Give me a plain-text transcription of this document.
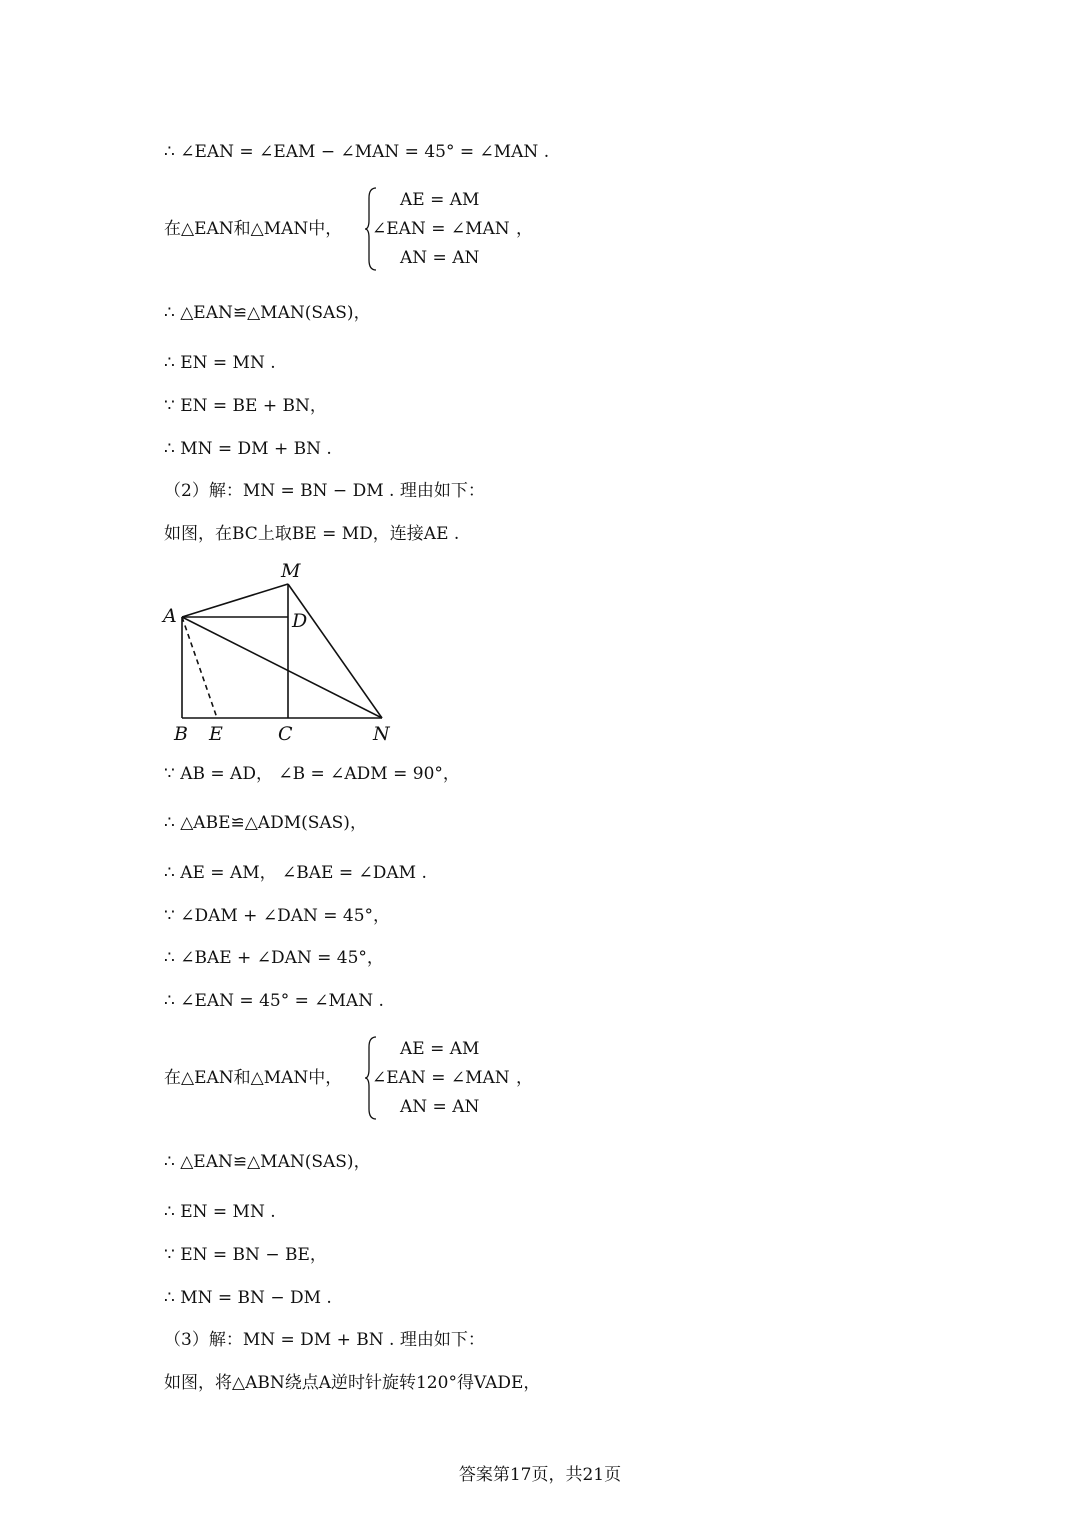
∴ ∠EAN = ∠EAM − ∠MAN = 45° = ∠MAN .
在△EAN和△MAN中，
AE = AM
∠EAN = ∠MAN
AN = AN
，
∴ △EAN≌△MAN(SAS)，
∴ EN = MN .
∵ EN = BE + BN，
∴ MN = DM + BN .
（2）解：MN = BN − DM . 理由如下：
如图，在BC上取BE = MD，连接AE .
M
A	D
B E	C	N
∵ AB = AD， ∠B = ∠ADM = 90°，
∴ △ABE≌△ADM(SAS)，
∴ AE = AM， ∠BAE = ∠DAM .
∵ ∠DAM + ∠DAN = 45°，
∴ ∠BAE + ∠DAN = 45°，
∴ ∠EAN = 45° = ∠MAN .
在△EAN和△MAN中，
AE = AM
∠EAN = ∠MAN
AN = AN
，
∴ △EAN≌△MAN(SAS)，
∴ EN = MN .
∵ EN = BN − BE，
∴ MN = BN − DM .
（3）解：MN = DM + BN . 理由如下：
如图，将△ABN绕点A逆时针旋转120°得VADE，
答案第17页，共21页
